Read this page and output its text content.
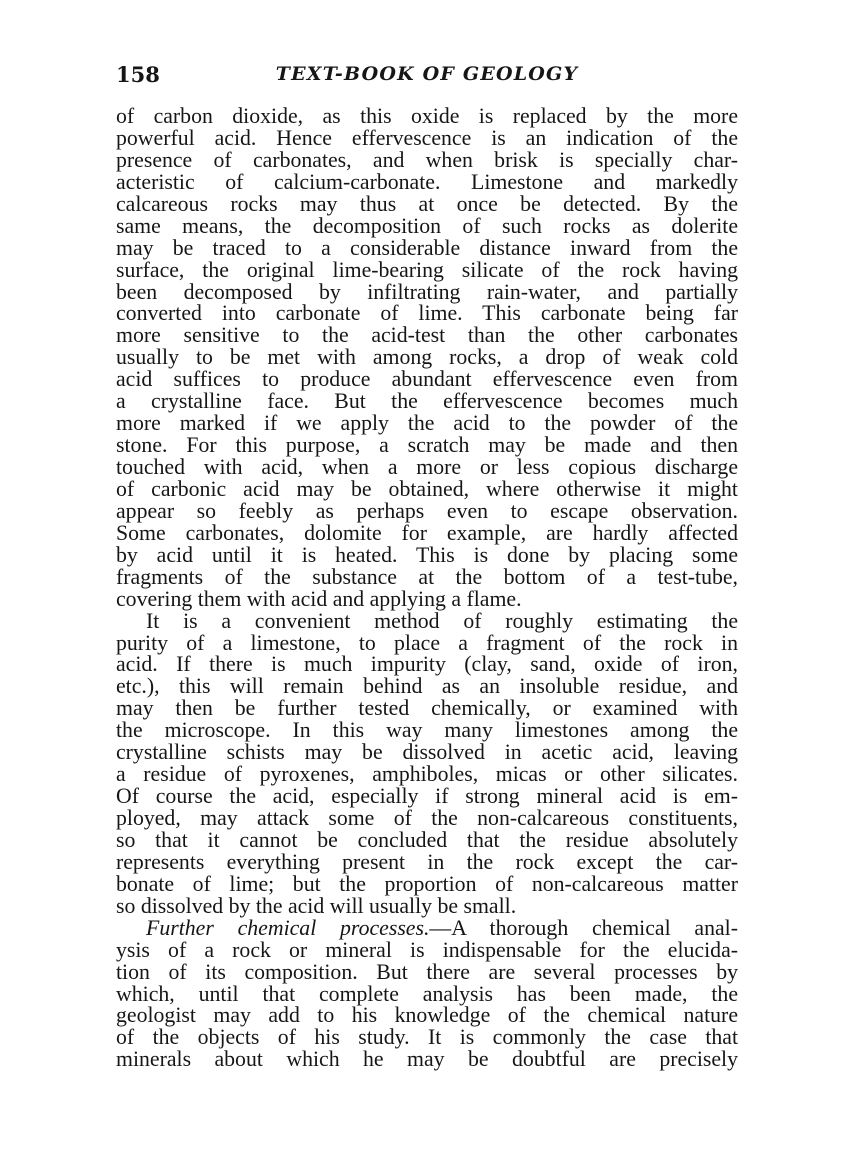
158	TEXT-BOOK OF GEOLOGY
of carbon dioxide, as this oxide is replaced by the more
powerful acid. Hence effervescence is an indication of the
presence of carbonates, and when brisk is specially char-
acteristic of calcium-carbonate. Limestone and markedly
calcareous rocks may thus at once be detected. By the
same means, the decomposition of such rocks as dolerite
may be traced to a considerable distance inward from the
surface, the original lime-bearing silicate of the rock having
been decomposed by infiltrating rain-water, and partially
converted into carbonate of lime. This carbonate being far
more sensitive to the acid-test than the other carbonates
usually to be met with among rocks, a drop of weak cold
acid suffices to produce abundant effervescence even from
a crystalline face. But the effervescence becomes much
more marked if we apply the acid to the powder of the
stone. For this purpose, a scratch may be made and then
touched with acid, when a more or less copious discharge
of carbonic acid may be obtained, where otherwise it might
appear so feebly as perhaps even to escape observation.
Some carbonates, dolomite for example, are hardly affected
by acid until it is heated. This is done by placing some
fragments of the substance at the bottom of a test-tube,
covering them with acid and applying a flame.
It is a convenient method of roughly estimating the
purity of a limestone, to place a fragment of the rock in
acid. If there is much impurity (clay, sand, oxide of iron,
etc.), this will remain behind as an insoluble residue, and
may then be further tested chemically, or examined with
the microscope. In this way many limestones among the
crystalline schists may be dissolved in acetic acid, leaving
a residue of pyroxenes, amphiboles, micas or other silicates.
Of course the acid, especially if strong mineral acid is em-
ployed, may attack some of the non-calcareous constituents,
so that it cannot be concluded that the residue absolutely
represents everything present in the rock except the car-
bonate of lime; but the proportion of non-calcareous matter
so dissolved by the acid will usually be small.
Further chemical processes.—A thorough chemical anal-
ysis of a rock or mineral is indispensable for the elucida-
tion of its composition. But there are several processes by
which, until that complete analysis has been made, the
geologist may add to his knowledge of the chemical nature
of the objects of his study. It is commonly the case that
minerals about which he may be doubtful are precisely
